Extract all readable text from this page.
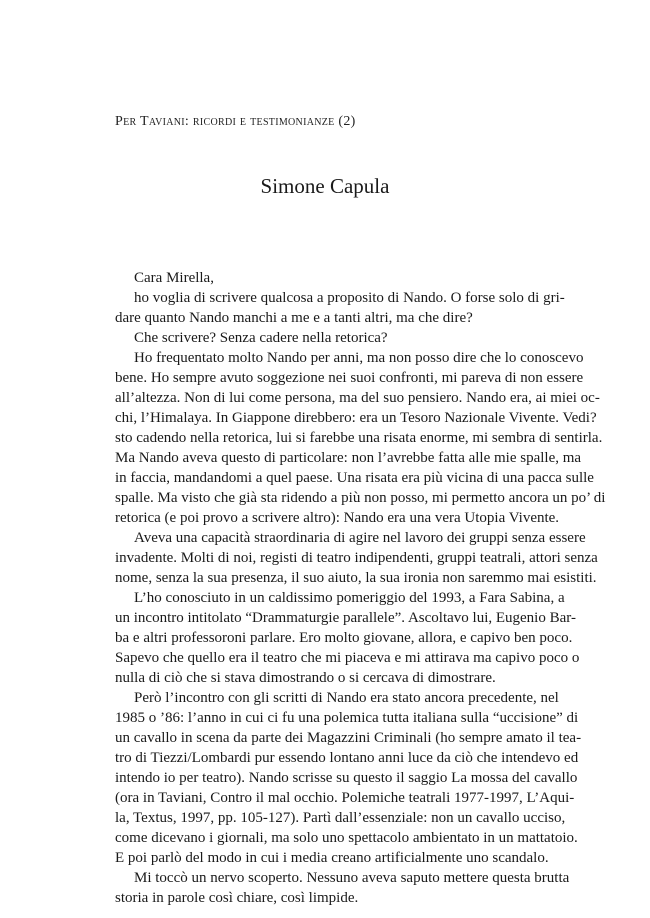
Per Taviani: ricordi e testimonianze (2)
Simone Capula
Cara Mirella,
ho voglia di scrivere qualcosa a proposito di Nando. O forse solo di gri-
dare quanto Nando manchi a me e a tanti altri, ma che dire?
Che scrivere? Senza cadere nella retorica?
Ho frequentato molto Nando per anni, ma non posso dire che lo conoscevo
bene. Ho sempre avuto soggezione nei suoi confronti, mi pareva di non essere
all’altezza. Non di lui come persona, ma del suo pensiero. Nando era, ai miei oc-
chi, l’Himalaya. In Giappone direbbero: era un Tesoro Nazionale Vivente. Vedi?
sto cadendo nella retorica, lui si farebbe una risata enorme, mi sembra di sentirla.
Ma Nando aveva questo di particolare: non l’avrebbe fatta alle mie spalle, ma
in faccia, mandandomi a quel paese. Una risata era più vicina di una pacca sulle
spalle. Ma visto che già sta ridendo a più non posso, mi permetto ancora un po’ di
retorica (e poi provo a scrivere altro): Nando era una vera Utopia Vivente.
Aveva una capacità straordinaria di agire nel lavoro dei gruppi senza essere
invadente. Molti di noi, registi di teatro indipendenti, gruppi teatrali, attori senza
nome, senza la sua presenza, il suo aiuto, la sua ironia non saremmo mai esistiti.
L’ho conosciuto in un caldissimo pomeriggio del 1993, a Fara Sabina, a
un incontro intitolato “Drammaturgie parallele”. Ascoltavo lui, Eugenio Bar-
ba e altri professoroni parlare. Ero molto giovane, allora, e capivo ben poco.
Sapevo che quello era il teatro che mi piaceva e mi attirava ma capivo poco o
nulla di ciò che si stava dimostrando o si cercava di dimostrare.
Però l’incontro con gli scritti di Nando era stato ancora precedente, nel
1985 o ’86: l’anno in cui ci fu una polemica tutta italiana sulla “uccisione” di
un cavallo in scena da parte dei Magazzini Criminali (ho sempre amato il tea-
tro di Tiezzi/Lombardi pur essendo lontano anni luce da ciò che intendevo ed
intendo io per teatro). Nando scrisse su questo il saggio La mossa del cavallo
(ora in Taviani, Contro il mal occhio. Polemiche teatrali 1977-1997, L’Aqui-
la, Textus, 1997, pp. 105-127). Partì dall’essenziale: non un cavallo ucciso,
come dicevano i giornali, ma solo uno spettacolo ambientato in un mattatoio.
E poi parlò del modo in cui i media creano artificialmente uno scandalo.
Mi toccò un nervo scoperto. Nessuno aveva saputo mettere questa brutta
storia in parole così chiare, così limpide.
